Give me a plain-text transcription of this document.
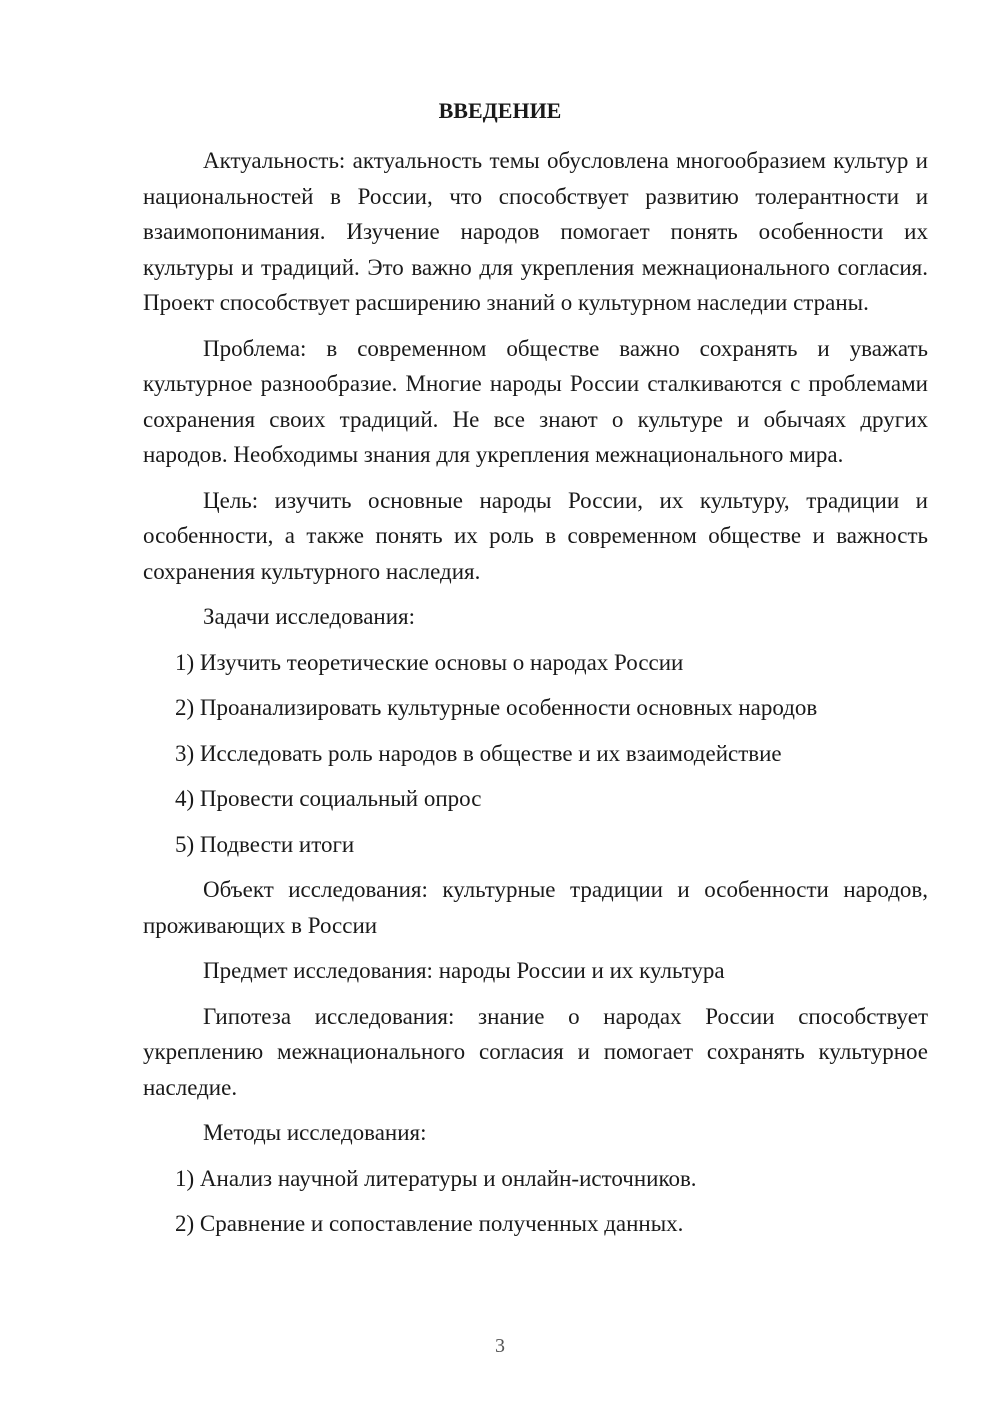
ВВЕДЕНИЕ

Актуальность: актуальность темы обусловлена многообразием культур и национальностей в России, что способствует развитию толерантности и взаимопонимания. Изучение народов помогает понять особенности их культуры и традиций. Это важно для укрепления межнационального согласия. Проект способствует расширению знаний о культурном наследии страны.

Проблема: в современном обществе важно сохранять и уважать культурное разнообразие. Многие народы России сталкиваются с проблемами сохранения своих традиций. Не все знают о культуре и обычаях других народов. Необходимы знания для укрепления межнационального мира.

Цель: изучить основные народы России, их культуру, традиции и особенности, а также понять их роль в современном обществе и важность сохранения культурного наследия.

Задачи исследования:

1) Изучить теоретические основы о народах России

2) Проанализировать культурные особенности основных народов

3) Исследовать роль народов в обществе и их взаимодействие

4) Провести социальный опрос

5) Подвести итоги

Объект исследования: культурные традиции и особенности народов, проживающих в России

Предмет исследования: народы России и их культура

Гипотеза исследования: знание о народах России способствует укреплению межнационального согласия и помогает сохранять культурное наследие.

Методы исследования:

1) Анализ научной литературы и онлайн-источников.

2) Сравнение и сопоставление полученных данных.

3
